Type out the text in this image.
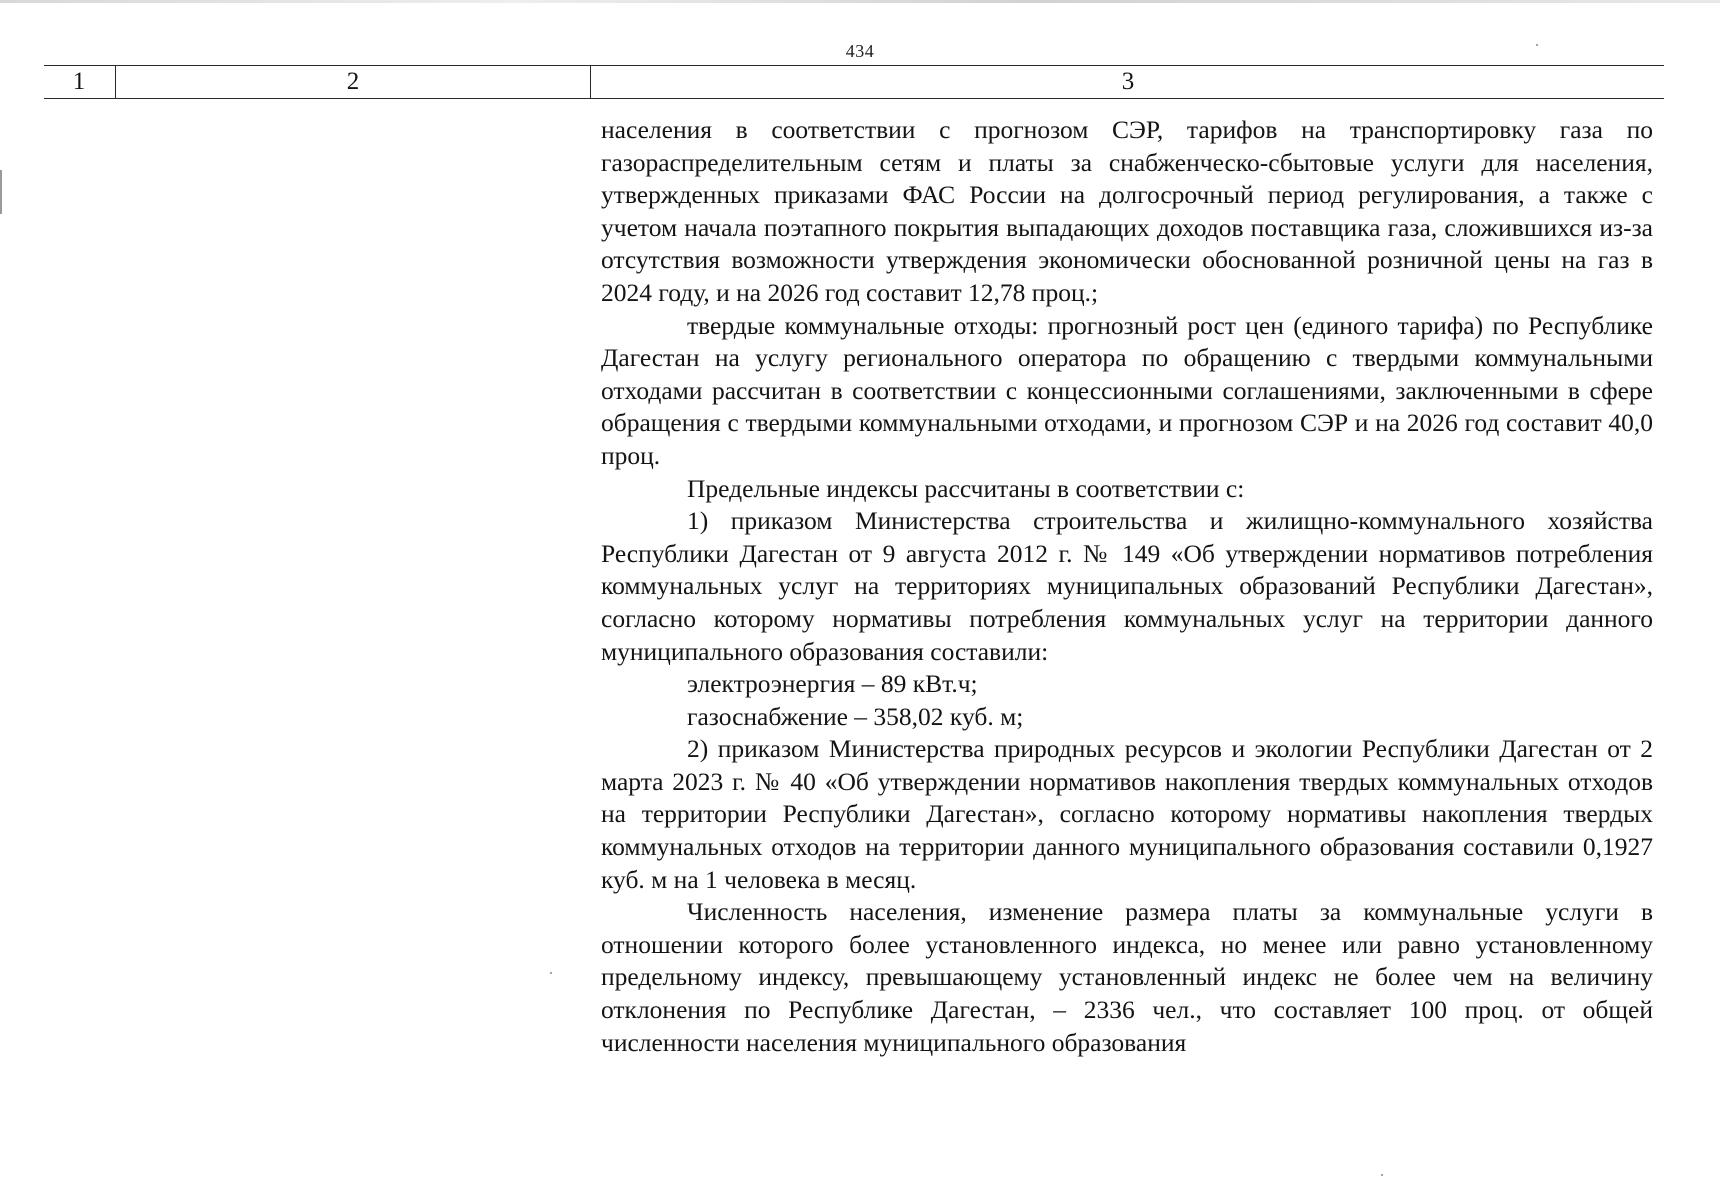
434
1	2	3

населения в соответствии с прогнозом СЭР, тарифов на транспортировку газа по газораспределительным сетям и платы за снабженческо-сбытовые услуги для населения, утвержденных приказами ФАС России на долгосрочный период регулирования, а также с учетом начала поэтапного покрытия выпадающих доходов поставщика газа, сложившихся из-за отсутствия возможности утверждения экономически обоснованной розничной цены на газ в 2024 году, и на 2026 год составит 12,78 проц.;

твердые коммунальные отходы: прогнозный рост цен (единого тарифа) по Республике Дагестан на услугу регионального оператора по обращению с твердыми коммунальными отходами рассчитан в соответствии с концессионными соглашениями, заключенными в сфере обращения с твердыми коммунальными отходами, и прогнозом СЭР и на 2026 год составит 40,0 проц.

Предельные индексы рассчитаны в соответствии с:

1) приказом Министерства строительства и жилищно-коммунального хозяйства Республики Дагестан от 9 августа 2012 г. № 149 «Об утверждении нормативов потребления коммунальных услуг на территориях муниципальных образований Республики Дагестан», согласно которому нормативы потребления коммунальных услуг на территории данного муниципального образования составили:

электроэнергия – 89 кВт.ч;

газоснабжение – 358,02 куб. м;

2) приказом Министерства природных ресурсов и экологии Республики Дагестан от 2 марта 2023 г. № 40 «Об утверждении нормативов накопления твердых коммунальных отходов на территории Республики Дагестан», согласно которому нормативы накопления твердых коммунальных отходов на территории данного муниципального образования составили 0,1927 куб. м на 1 человека в месяц.

Численность населения, изменение размера платы за коммунальные услуги в отношении которого более установленного индекса, но менее или равно установленному предельному индексу, превышающему установленный индекс не более чем на величину отклонения по Республике Дагестан, – 2336 чел., что составляет 100 проц. от общей численности населения муниципального образования
